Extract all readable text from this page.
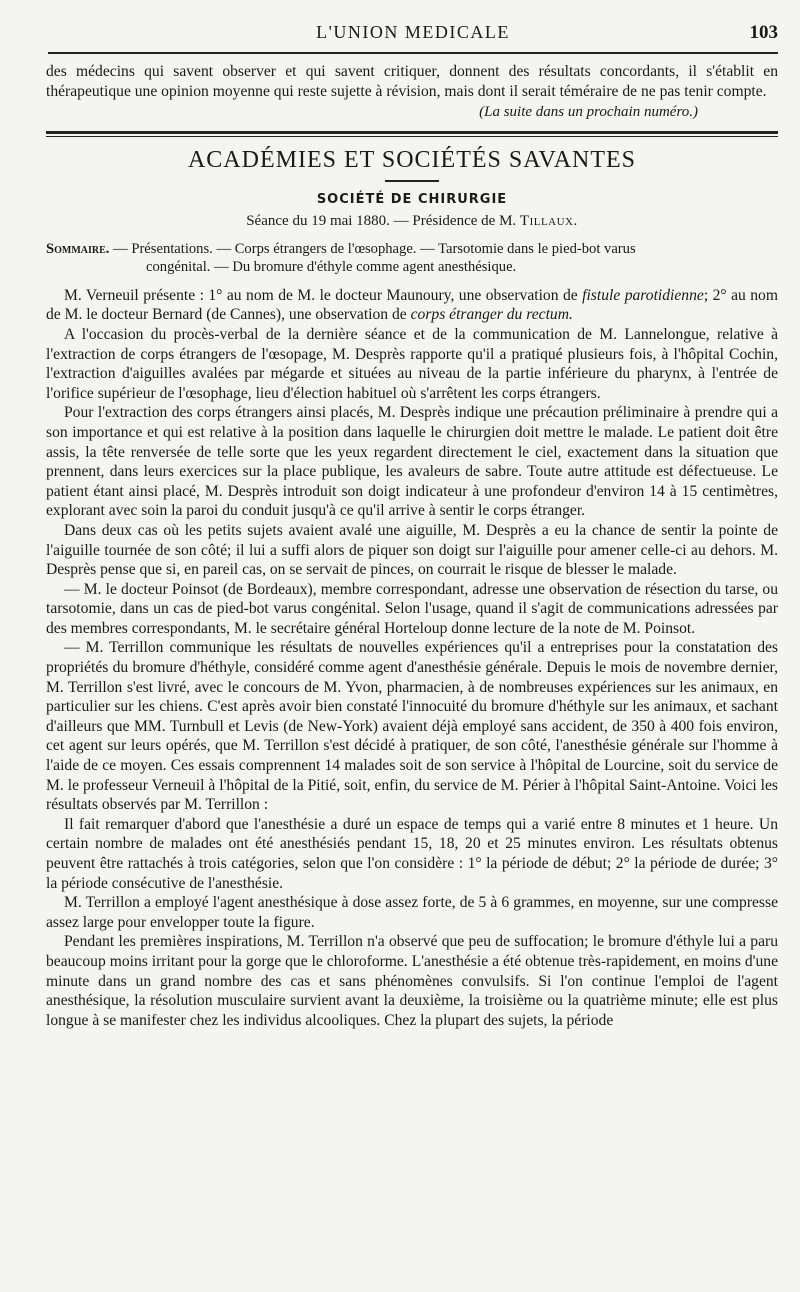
L'UNION MEDICALE	103

des médecins qui savent observer et qui savent critiquer, donnent des résultats concordants, il s'établit en thérapeutique une opinion moyenne qui reste sujette à révision, mais dont il serait téméraire de ne pas tenir compte.

(La suite dans un prochain numéro.)
ACADÉMIES ET SOCIÉTÉS SAVANTES
SOCIÉTÉ DE CHIRURGIE
Séance du 19 mai 1880. — Présidence de M. Tillaux.
Sommaire. — Présentations. — Corps étrangers de l'œsophage. — Tarsotomie dans le pied-bot varus
congénital. — Du bromure d'éthyle comme agent anesthésique.

M. Verneuil présente : 1° au nom de M. le docteur Maunoury, une observation de fistule parotidienne; 2° au nom de M. le docteur Bernard (de Cannes), une observation de corps étranger du rectum.

A l'occasion du procès-verbal de la dernière séance et de la communication de M. Lannelongue, relative à l'extraction de corps étrangers de l'œsopage, M. Desprès rapporte qu'il a pratiqué plusieurs fois, à l'hôpital Cochin, l'extraction d'aiguilles avalées par mégarde et situées au niveau de la partie inférieure du pharynx, à l'entrée de l'orifice supérieur de l'œsophage, lieu d'élection habituel où s'arrêtent les corps étrangers.

Pour l'extraction des corps étrangers ainsi placés, M. Desprès indique une précaution préliminaire à prendre qui a son importance et qui est relative à la position dans laquelle le chirurgien doit mettre le malade. Le patient doit être assis, la tête renversée de telle sorte que les yeux regardent directement le ciel, exactement dans la situation que prennent, dans leurs exercices sur la place publique, les avaleurs de sabre. Toute autre attitude est défectueuse. Le patient étant ainsi placé, M. Desprès introduit son doigt indicateur à une profondeur d'environ 14 à 15 centimètres, explorant avec soin la paroi du conduit jusqu'à ce qu'il arrive à sentir le corps étranger.

Dans deux cas où les petits sujets avaient avalé une aiguille, M. Desprès a eu la chance de sentir la pointe de l'aiguille tournée de son côté; il lui a suffi alors de piquer son doigt sur l'aiguille pour amener celle-ci au dehors. M. Desprès pense que si, en pareil cas, on se servait de pinces, on courrait le risque de blesser le malade.

— M. le docteur Poinsot (de Bordeaux), membre correspondant, adresse une observation de résection du tarse, ou tarsotomie, dans un cas de pied-bot varus congénital. Selon l'usage, quand il s'agit de communications adressées par des membres correspondants, M. le secrétaire général Horteloup donne lecture de la note de M. Poinsot.

— M. Terrillon communique les résultats de nouvelles expériences qu'il a entreprises pour la constatation des propriétés du bromure d'héthyle, considéré comme agent d'anesthésie générale. Depuis le mois de novembre dernier, M. Terrillon s'est livré, avec le concours de M. Yvon, pharmacien, à de nombreuses expériences sur les animaux, en particulier sur les chiens. C'est après avoir bien constaté l'innocuité du bromure d'héthyle sur les animaux, et sachant d'ailleurs que MM. Turnbull et Levis (de New-York) avaient déjà employé sans accident, de 350 à 400 fois environ, cet agent sur leurs opérés, que M. Terrillon s'est décidé à pratiquer, de son côté, l'anesthésie générale sur l'homme à l'aide de ce moyen. Ces essais comprennent 14 malades soit de son service à l'hôpital de Lourcine, soit du service de M. le professeur Verneuil à l'hôpital de la Pitié, soit, enfin, du service de M. Périer à l'hôpital Saint-Antoine. Voici les résultats observés par M. Terrillon :

Il fait remarquer d'abord que l'anesthésie a duré un espace de temps qui a varié entre 8 minutes et 1 heure. Un certain nombre de malades ont été anesthésiés pendant 15, 18, 20 et 25 minutes environ. Les résultats obtenus peuvent être rattachés à trois catégories, selon que l'on considère : 1° la période de début; 2° la période de durée; 3° la période consécutive de l'anesthésie.

M. Terrillon a employé l'agent anesthésique à dose assez forte, de 5 à 6 grammes, en moyenne, sur une compresse assez large pour envelopper toute la figure.

Pendant les premières inspirations, M. Terrillon n'a observé que peu de suffocation; le bromure d'éthyle lui a paru beaucoup moins irritant pour la gorge que le chloroforme. L'anesthésie a été obtenue très-rapidement, en moins d'une minute dans un grand nombre des cas et sans phénomènes convulsifs. Si l'on continue l'emploi de l'agent anesthésique, la résolution musculaire survient avant la deuxième, la troisième ou la quatrième minute; elle est plus longue à se manifester chez les individus alcooliques. Chez la plupart des sujets, la période
